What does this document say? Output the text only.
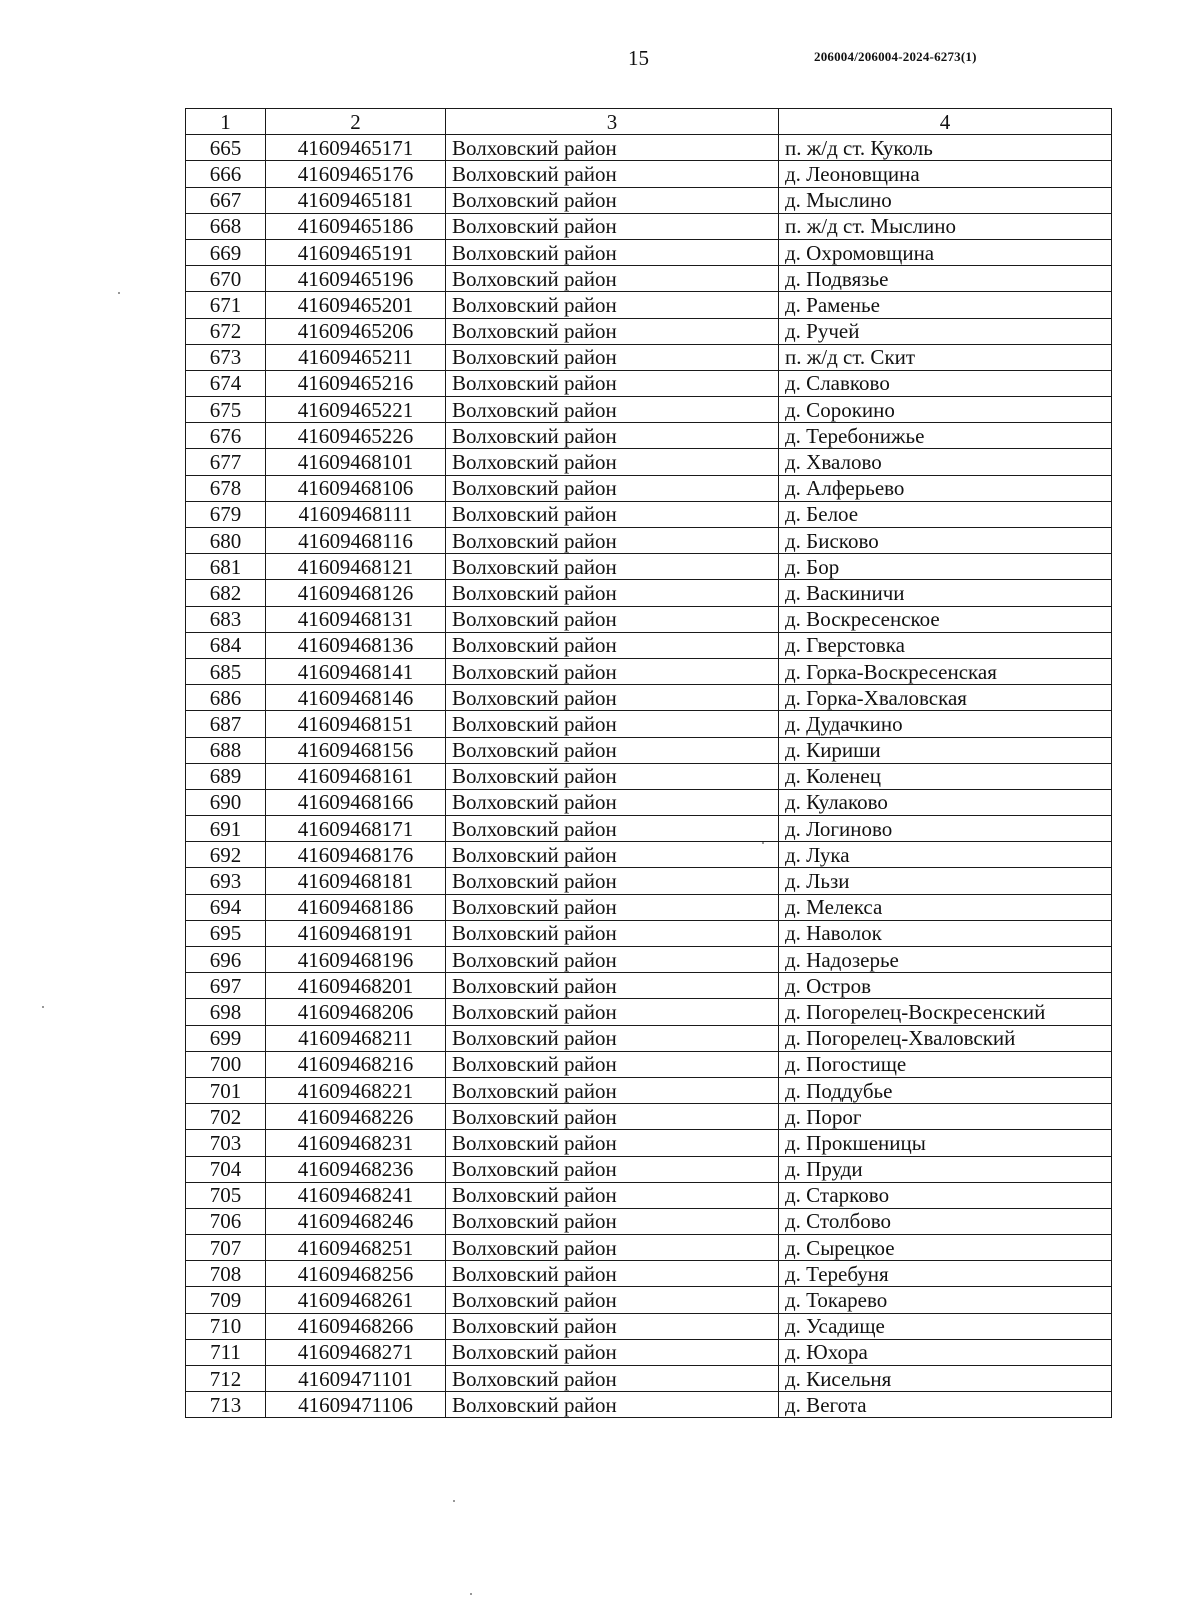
15	206004/206004-2024-6273(1)
1	2	3	4
665	41609465171	Волховский район	п. ж/д ст. Куколь
666	41609465176	Волховский район	д. Леоновщина
667	41609465181	Волховский район	д. Мыслино
668	41609465186	Волховский район	п. ж/д ст. Мыслино
669	41609465191	Волховский район	д. Охромовщина
670	41609465196	Волховский район	д. Подвязье
671	41609465201	Волховский район	д. Раменье
672	41609465206	Волховский район	д. Ручей
673	41609465211	Волховский район	п. ж/д ст. Скит
674	41609465216	Волховский район	д. Славково
675	41609465221	Волховский район	д. Сорокино
676	41609465226	Волховский район	д. Теребонижье
677	41609468101	Волховский район	д. Хвалово
678	41609468106	Волховский район	д. Алферьево
679	41609468111	Волховский район	д. Белое
680	41609468116	Волховский район	д. Бисково
681	41609468121	Волховский район	д. Бор
682	41609468126	Волховский район	д. Васкиничи
683	41609468131	Волховский район	д. Воскресенское
684	41609468136	Волховский район	д. Гверстовка
685	41609468141	Волховский район	д. Горка-Воскресенская
686	41609468146	Волховский район	д. Горка-Хваловская
687	41609468151	Волховский район	д. Дудачкино
688	41609468156	Волховский район	д. Кириши
689	41609468161	Волховский район	д. Коленец
690	41609468166	Волховский район	д. Кулаково
691	41609468171	Волховский район	д. Логиново
692	41609468176	Волховский район	д. Лука
693	41609468181	Волховский район	д. Льзи
694	41609468186	Волховский район	д. Мелекса
695	41609468191	Волховский район	д. Наволок
696	41609468196	Волховский район	д. Надозерье
697	41609468201	Волховский район	д. Остров
698	41609468206	Волховский район	д. Погорелец-Воскресенский
699	41609468211	Волховский район	д. Погорелец-Хваловский
700	41609468216	Волховский район	д. Погостище
701	41609468221	Волховский район	д. Поддубье
702	41609468226	Волховский район	д. Порог
703	41609468231	Волховский район	д. Прокшеницы
704	41609468236	Волховский район	д. Пруди
705	41609468241	Волховский район	д. Старково
706	41609468246	Волховский район	д. Столбово
707	41609468251	Волховский район	д. Сырецкое
708	41609468256	Волховский район	д. Теребуня
709	41609468261	Волховский район	д. Токарево
710	41609468266	Волховский район	д. Усадище
711	41609468271	Волховский район	д. Юхора
712	41609471101	Волховский район	д. Кисельня
713	41609471106	Волховский район	д. Вегота
